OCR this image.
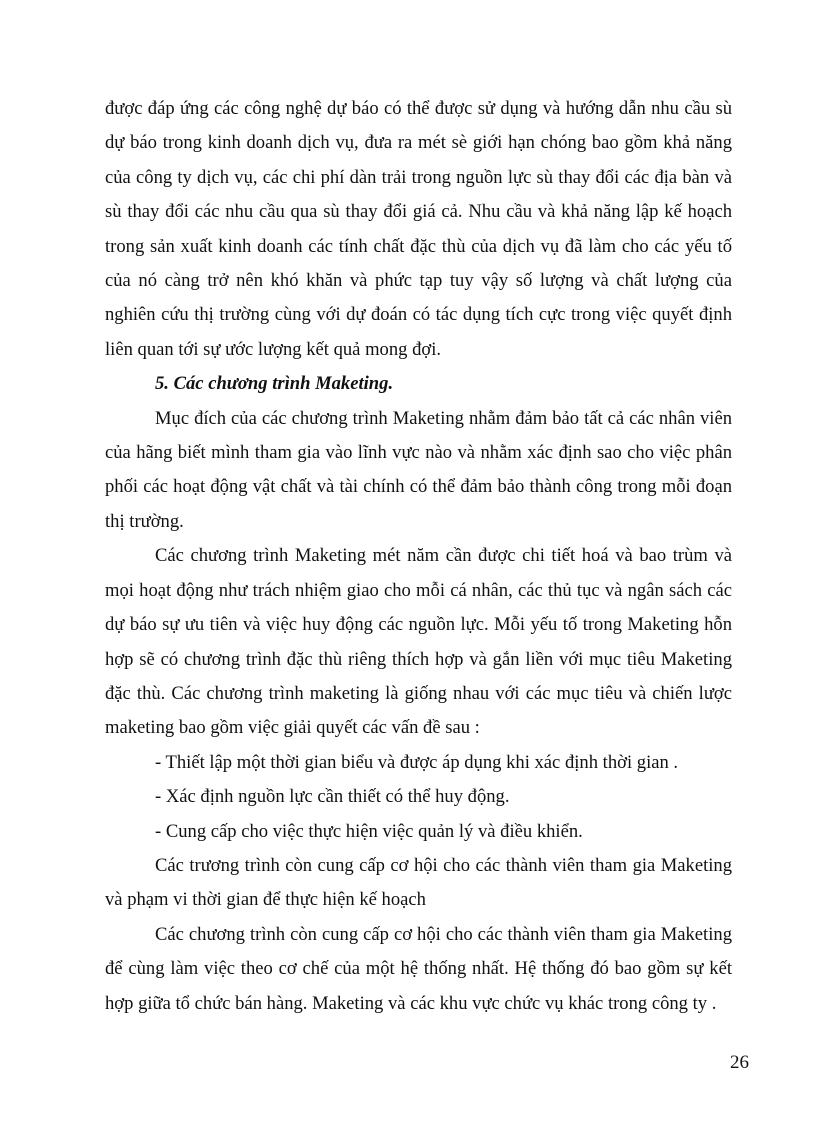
được đáp ứng các công nghệ dự báo có thể được sử dụng và hướng dẫn nhu cầu sù dự báo trong kinh doanh dịch vụ, đưa ra mét sè giới hạn chóng bao gồm khả năng của công ty dịch vụ, các chi phí dàn trải trong nguồn lực sù thay đổi các địa bàn và sù thay đổi các nhu cầu qua sù thay đổi giá cả. Nhu cầu và khả năng lập kế hoạch trong sản xuất kinh doanh các tính chất đặc thù của dịch vụ đã làm cho các yếu tố của nó càng trở nên khó khăn và phức tạp tuy vậy số lượng và chất lượng của nghiên cứu thị trường cùng với dự đoán có tác dụng tích cực trong việc quyết định liên quan tới sự ước lượng kết quả mong đợi.

5. Các chương trình Maketing.

Mục đích của các chương trình Maketing nhằm đảm bảo tất cả các nhân viên của hãng biết mình tham gia vào lĩnh vực nào và nhằm xác định sao cho việc phân phối các hoạt động vật chất và tài chính có thể đảm bảo thành công trong mỗi đoạn thị trường.

Các chương trình Maketing mét năm cần được chi tiết hoá và bao trùm và mọi hoạt động như trách nhiệm giao cho mỗi cá nhân, các thủ tục và ngân sách các dự báo sự ưu tiên và việc huy động các nguồn lực. Mỗi yếu tố trong Maketing hỗn hợp sẽ có chương trình đặc thù riêng thích hợp và gắn liền với mục tiêu Maketing đặc thù. Các chương trình maketing là giống nhau với các mục tiêu và chiến lược maketing bao gồm việc giải quyết các vấn đề sau :

- Thiết lập một thời gian biểu và được áp dụng khi xác định thời gian .

- Xác định nguồn lực cần thiết có thể huy động.

- Cung cấp cho việc thực hiện việc quản lý và điều khiển.

Các trương trình còn cung cấp cơ hội cho các thành viên tham gia Maketing và phạm vi thời gian để thực hiện kế hoạch

Các chương trình còn cung cấp cơ hội cho các thành viên tham gia Maketing để cùng làm việc theo cơ chế của một hệ thống nhất. Hệ thống đó bao gồm sự kết hợp giữa tổ chức bán hàng. Maketing và các khu vực chức vụ khác trong công ty .

26
